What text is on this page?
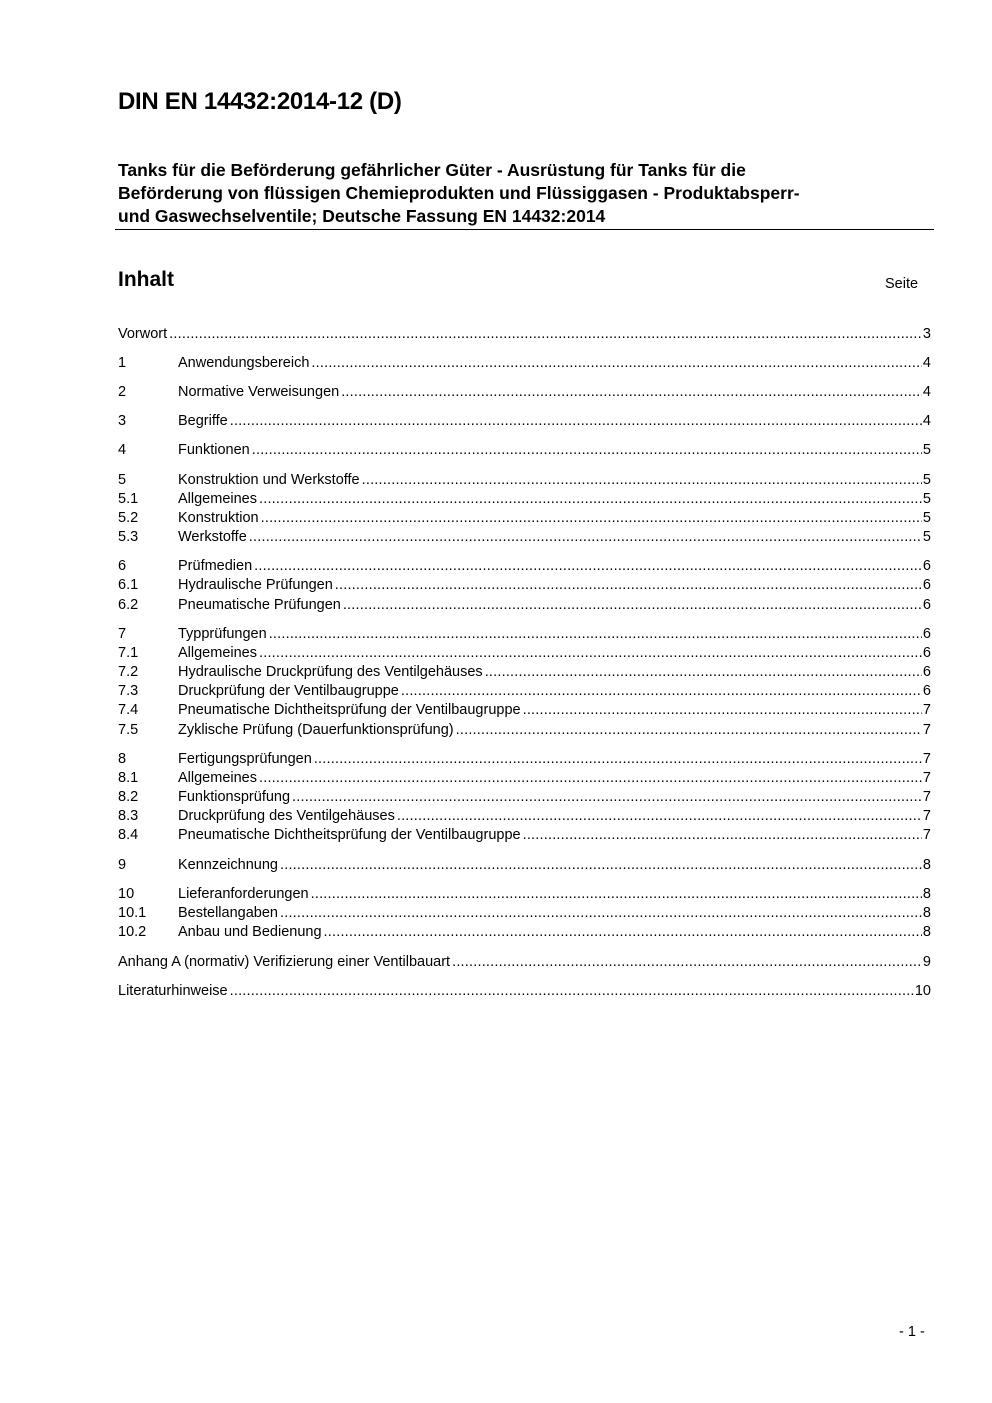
DIN EN 14432:2014-12 (D)
Tanks für die Beförderung gefährlicher Güter - Ausrüstung für Tanks für die
Beförderung von flüssigen Chemieprodukten und Flüssiggasen - Produktabsperr-
und Gaswechselventile; Deutsche Fassung EN 14432:2014
Inhalt	Seite
Vorwort .....	3
1	Anwendungsbereich .....	4
2	Normative Verweisungen .....	4
3	Begriffe .....	4
4	Funktionen .....	5
5	Konstruktion und Werkstoffe .....	5
5.1	Allgemeines .....	5
5.2	Konstruktion .....	5
5.3	Werkstoffe .....	5
6	Prüfmedien .....	6
6.1	Hydraulische Prüfungen .....	6
6.2	Pneumatische Prüfungen .....	6
7	Typprüfungen .....	6
7.1	Allgemeines .....	6
7.2	Hydraulische Druckprüfung des Ventilgehäuses .....	6
7.3	Druckprüfung der Ventilbaugruppe .....	6
7.4	Pneumatische Dichtheitsprüfung der Ventilbaugruppe .....	7
7.5	Zyklische Prüfung (Dauerfunktionsprüfung) .....	7
8	Fertigungsprüfungen .....	7
8.1	Allgemeines .....	7
8.2	Funktionsprüfung .....	7
8.3	Druckprüfung des Ventilgehäuses .....	7
8.4	Pneumatische Dichtheitsprüfung der Ventilbaugruppe .....	7
9	Kennzeichnung .....	8
10	Lieferanforderungen .....	8
10.1	Bestellangaben .....	8
10.2	Anbau und Bedienung .....	8
Anhang A (normativ) Verifizierung einer Ventilbauart .....	9
Literaturhinweise .....	10
- 1 -
